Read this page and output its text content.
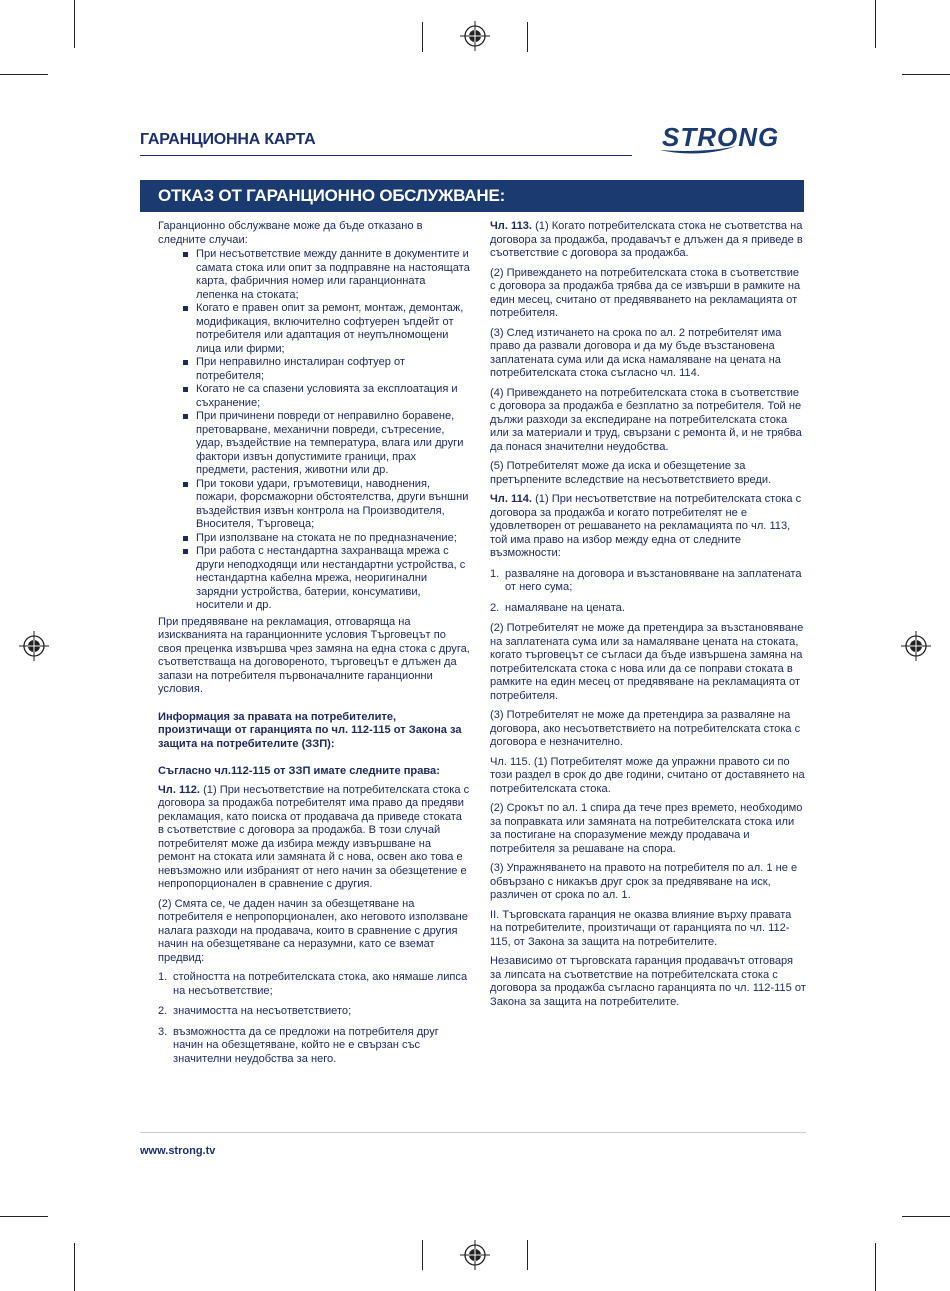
ГАРАНЦИОННА КАРТА	STRONG
ОТКАЗ ОТ ГАРАНЦИОННО ОБСЛУЖВАНЕ:

Гаранционно обслужване може да бъде отказано в следните случаи:

При несъответствие между данните в документите и самата стока или опит за подправяне на настоящата карта, фабричния номер или гаранционната лепенка на стоката;
Когато е правен опит за ремонт, монтаж, демонтаж, модификация, включително софтуерен ъпдейт от потребителя или адаптация от неупълномощени лица или фирми;
При неправилно инсталиран софтуер от потребителя;
Когато не са спазени условията за експлоатация и съхранение;
При причинени повреди от неправилно боравене, претоварване, механични повреди, сътресение, удар, въздействие на температура, влага или други фактори извън допустимите граници, прах предмети, растения, животни или др.
При токови удари, гръмотевици, наводнения, пожари, форсмажорни обстоятелства, други външни въздействия извън контрола на Производителя, Вносителя, Търговеца;
При използване на стоката не по предназначение;
При работа с нестандартна захранваща мрежа с други неподходящи или нестандартни устройства, с нестандартна кабелна мрежа, неоригинални зарядни устройства, батерии, консумативи, носители и др.

При предявяване на рекламация, отговаряща на изискванията на гаранционните условия Търговецът по своя преценка извършва чрез замяна на една стока с друга, съответстваща на договореното, търговецът е длъжен да запази на потребителя първоначалните гаранционни условия.

Информация за правата на потребителите, произтичащи от гаранцията по чл. 112-115 от Закона за защита на потребителите (ЗЗП):

Съгласно чл.112-115 от ЗЗП имате следните права:

Чл. 112. (1) При несъответствие на потребителската стока с договора за продажба потребителят има право да предяви рекламация, като поиска от продавача да приведе стоката в съответствие с договора за продажба. В този случай потребителят може да избира между извършване на ремонт на стоката или замяната й с нова, освен ако това е невъзможно или избраният от него начин за обезщетение е непропорционален в сравнение с другия.

(2) Смята се, че даден начин за обезщетяване на потребителя е непропорционален, ако неговото използване налага разходи на продавача, които в сравнение с другия начин на обезщетяване са неразумни, като се вземат предвид:

1. стойността на потребителската стока, ако нямаше липса на несъответствие;
2. значимостта на несъответствието;
3. възможността да се предложи на потребителя друг начин на обезщетяване, който не е свързан със значителни неудобства за него.

Чл. 113. (1) Когато потребителската стока не съответства на договора за продажба, продавачът е длъжен да я приведе в съответствие с договора за продажба.

(2) Привеждането на потребителската стока в съответствие с договора за продажба трябва да се извърши в рамките на един месец, считано от предявяването на рекламацията от потребителя.

(3) След изтичането на срока по ал. 2 потребителят има право да развали договора и да му бъде възстановена заплатената сума или да иска намаляване на цената на потребителската стока съгласно чл. 114.

(4) Привеждането на потребителската стока в съответствие с договора за продажба е безплатно за потребителя. Той не дължи разходи за експедиране на потребителската стока или за материали и труд, свързани с ремонта й, и не трябва да понася значителни неудобства.

(5) Потребителят може да иска и обезщетение за претърпените вследствие на несъответствието вреди.

Чл. 114. (1) При несъответствие на потребителската стока с договора за продажба и когато потребителят не е удовлетворен от решаването на рекламацията по чл. 113, той има право на избор между една от следните възможности:

1. разваляне на договора и възстановяване на заплатената от него сума;
2. намаляване на цената.

(2) Потребителят не може да претендира за възстановяване на заплатената сума или за намаляване цената на стоката, когато търговецът се съгласи да бъде извършена замяна на потребителската стока с нова или да се поправи стоката в рамките на един месец от предявяване на рекламацията от потребителя.

(3) Потребителят не може да претендира за разваляне на договора, ако несъответствието на потребителската стока с договора е незначително.

Чл. 115. (1) Потребителят може да упражни правото си по този раздел в срок до две години, считано от доставянето на потребителската стока.

(2) Срокът по ал. 1 спира да тече през времето, необходимо за поправката или замяната на потребителската стока или за постигане на споразумение между продавача и потребителя за решаване на спора.

(3) Упражняването на правото на потребителя по ал. 1 не е обвързано с никакъв друг срок за предявяване на иск, различен от срока по ал. 1.

II. Търговската гаранция не оказва влияние върху правата на потребителите, произтичащи от гаранцията по чл. 112-115, от Закона за защита на потребителите.

Независимо от търговската гаранция продавачът отговаря за липсата на съответствие на потребителската стока с договора за продажба съгласно гаранцията по чл. 112-115 от Закона за защита на потребителите.

www.strong.tv
